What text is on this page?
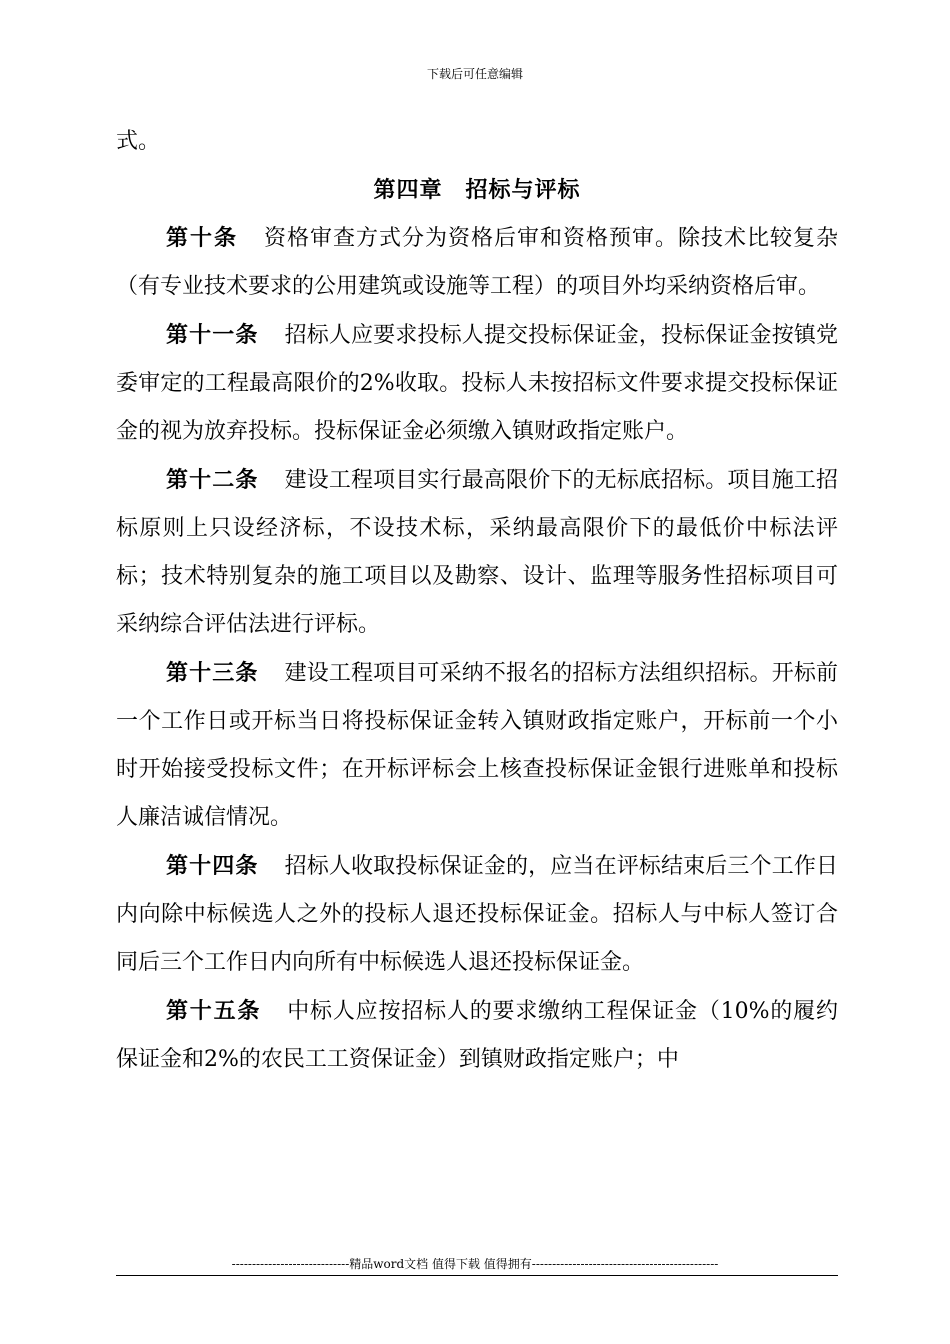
下载后可任意编辑

式。

第四章　招标与评标

第十条 资格审查方式分为资格后审和资格预审。除技术比较复杂（有专业技术要求的公用建筑或设施等工程）的项目外均采纳资格后审。

第十一条 招标人应要求投标人提交投标保证金，投标保证金按镇党委审定的工程最高限价的2%收取。投标人未按招标文件要求提交投标保证金的视为放弃投标。投标保证金必须缴入镇财政指定账户。

第十二条 建设工程项目实行最高限价下的无标底招标。项目施工招标原则上只设经济标，不设技术标，采纳最高限价下的最低价中标法评标；技术特别复杂的施工项目以及勘察、设计、监理等服务性招标项目可采纳综合评估法进行评标。

第十三条 建设工程项目可采纳不报名的招标方法组织招标。开标前一个工作日或开标当日将投标保证金转入镇财政指定账户，开标前一个小时开始接受投标文件；在开标评标会上核查投标保证金银行进账单和投标人廉洁诚信情况。

第十四条 招标人收取投标保证金的，应当在评标结束后三个工作日内向除中标候选人之外的投标人退还投标保证金。招标人与中标人签订合同后三个工作日内向所有中标候选人退还投标保证金。

第十五条 中标人应按招标人的要求缴纳工程保证金（10%的履约保证金和2%的农民工工资保证金）到镇财政指定账户；中

-----------------------------精品word文档 值得下载 值得拥有----------------------------------------------
